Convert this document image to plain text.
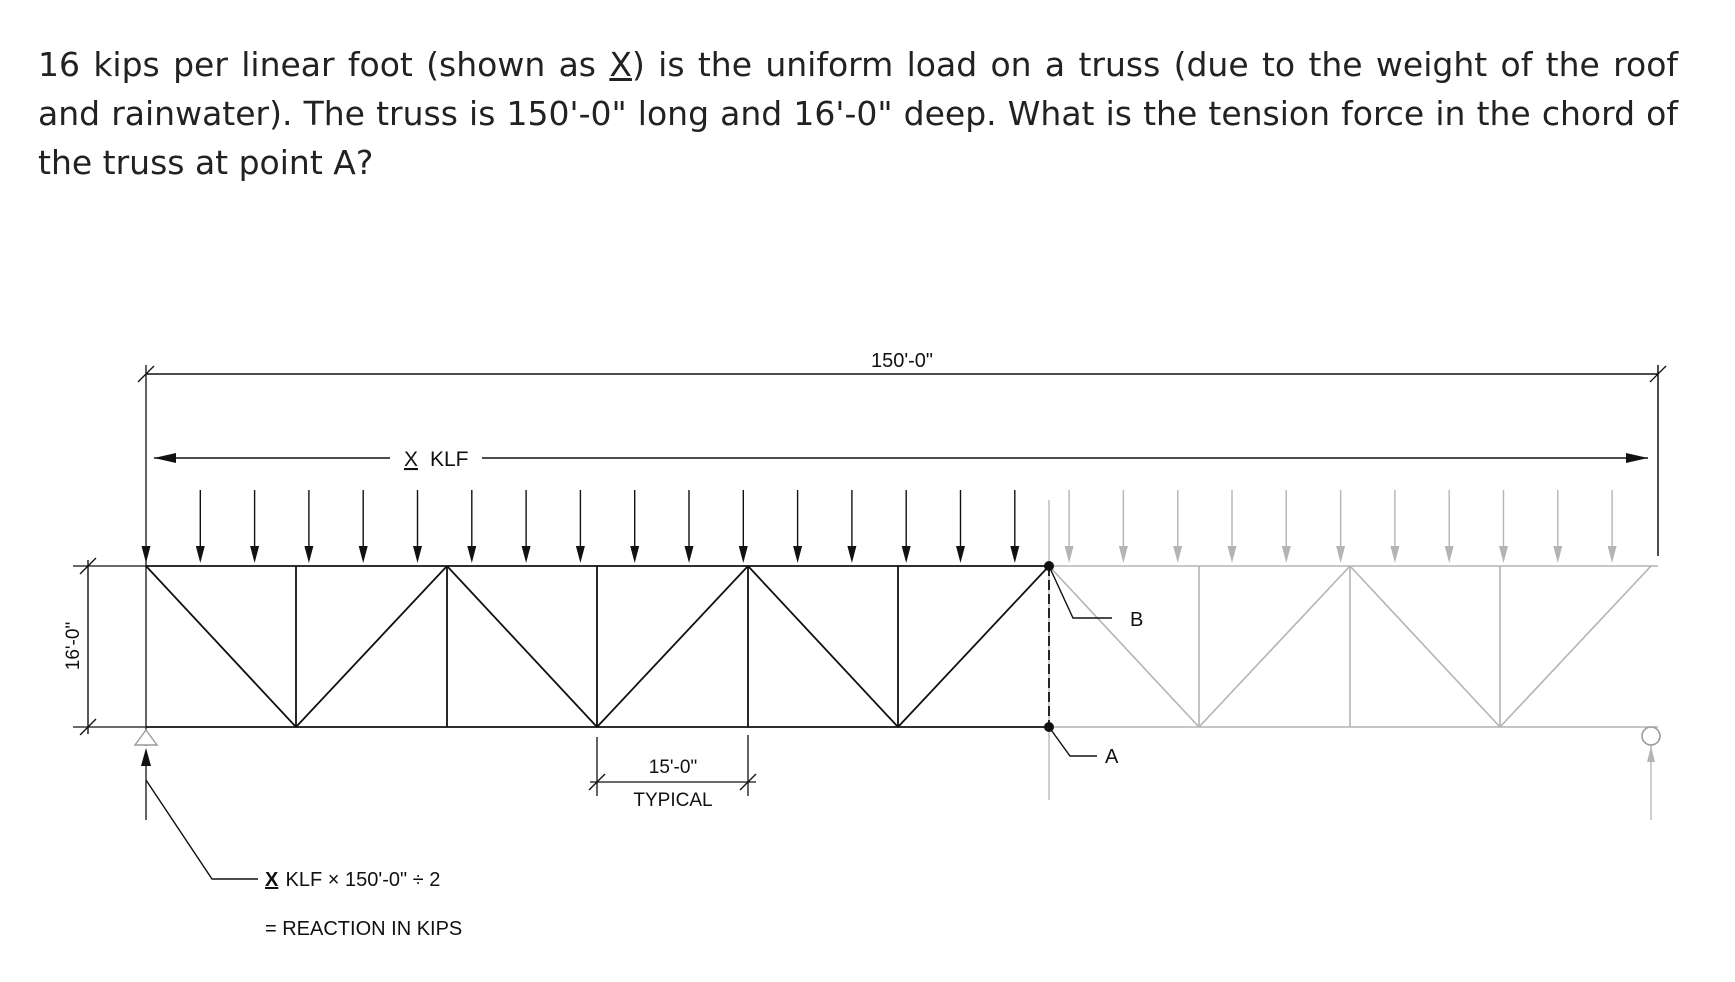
16 kips per linear foot (shown as X) is the uniform load on a truss (due to the weight of the roof and rainwater). The truss is 150'-0" long and 16'-0" deep. What is the tension force in the chord of the truss at point A?

150'-0"
X KLF
B
A
16'-0"
15'-0"
TYPICAL
X KLF × 150'-0" ÷ 2
= REACTION IN KIPS
